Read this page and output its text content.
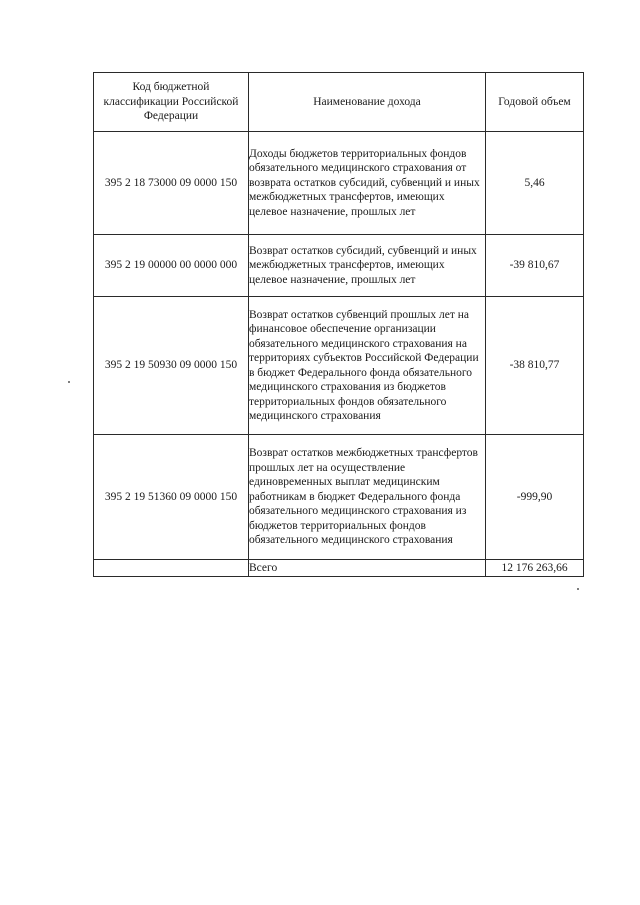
Код бюджетной классификации Российской Федерации	Наименование дохода	Годовой объем
395 2 18 73000 09 0000 150	Доходы бюджетов территориальных фондов обязательного медицинского страхования от возврата остатков субсидий, субвенций и иных межбюджетных трансфертов, имеющих целевое назначение, прошлых лет	5,46
395 2 19 00000 00 0000 000	Возврат остатков субсидий, субвенций и иных межбюджетных трансфертов, имеющих целевое назначение, прошлых лет	-39 810,67
395 2 19 50930 09 0000 150	Возврат остатков субвенций прошлых лет на финансовое обеспечение организации обязательного медицинского страхования на территориях субъектов Российской Федерации в бюджет Федерального фонда обязательного медицинского страхования из бюджетов территориальных фондов обязательного медицинского страхования	-38 810,77
395 2 19 51360 09 0000 150	Возврат остатков межбюджетных трансфертов прошлых лет на осуществление единовременных выплат медицинским работникам в бюджет Федерального фонда обязательного медицинского страхования из бюджетов территориальных фондов обязательного медицинского страхования	-999,90
	Всего	12 176 263,66
